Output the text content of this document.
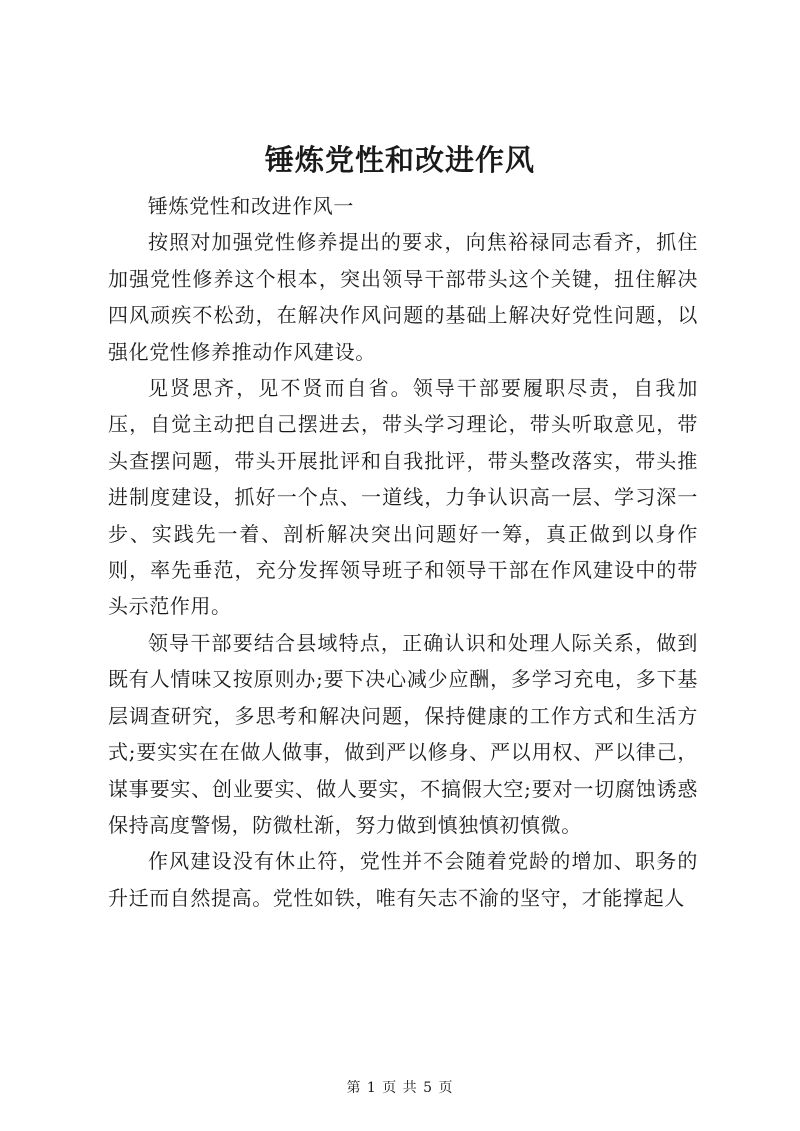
锤炼党性和改进作风

锤炼党性和改进作风一

按照对加强党性修养提出的要求，向焦裕禄同志看齐，抓住加强党性修养这个根本，突出领导干部带头这个关键，扭住解决四风顽疾不松劲，在解决作风问题的基础上解决好党性问题，以强化党性修养推动作风建设。

见贤思齐，见不贤而自省。领导干部要履职尽责，自我加压，自觉主动把自己摆进去，带头学习理论，带头听取意见，带头查摆问题，带头开展批评和自我批评，带头整改落实，带头推进制度建设，抓好一个点、一道线，力争认识高一层、学习深一步、实践先一着、剖析解决突出问题好一筹，真正做到以身作则，率先垂范，充分发挥领导班子和领导干部在作风建设中的带头示范作用。

领导干部要结合县域特点，正确认识和处理人际关系，做到既有人情味又按原则办;要下决心减少应酬，多学习充电，多下基层调查研究，多思考和解决问题，保持健康的工作方式和生活方式;要实实在在做人做事，做到严以修身、严以用权、严以律己，谋事要实、创业要实、做人要实，不搞假大空;要对一切腐蚀诱惑保持高度警惕，防微杜渐，努力做到慎独慎初慎微。

作风建设没有休止符，党性并不会随着党龄的增加、职务的升迁而自然提高。党性如铁，唯有矢志不渝的坚守，才能撑起人

第 1 页 共 5 页
